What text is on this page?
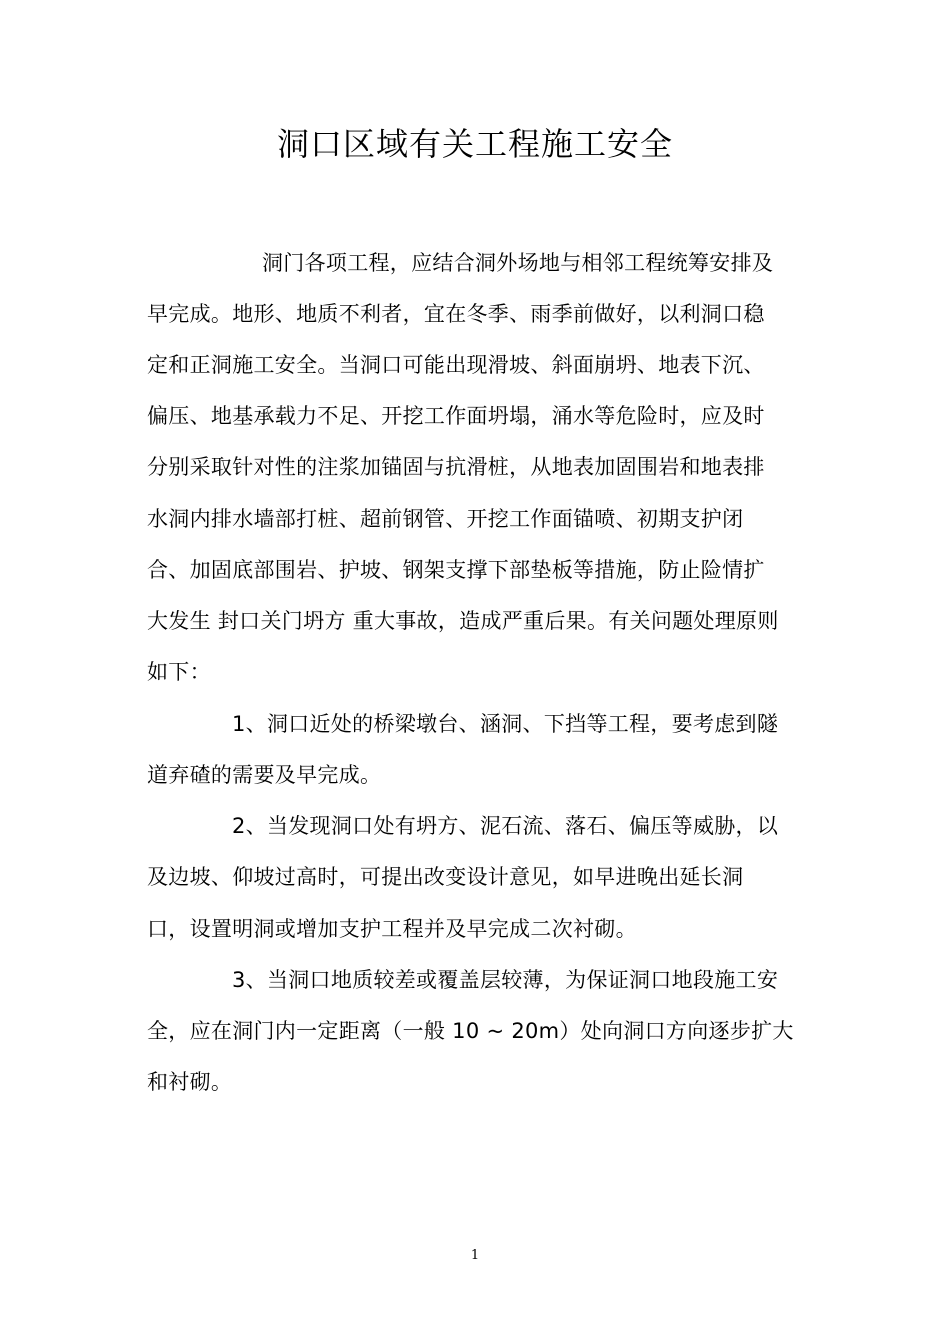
洞口区域有关工程施工安全
洞门各项工程，应结合洞外场地与相邻工程统筹安排及
早完成。地形、地质不利者，宜在冬季、雨季前做好，以利洞口稳
定和正洞施工安全。当洞口可能出现滑坡、斜面崩坍、地表下沉、
偏压、地基承载力不足、开挖工作面坍塌，涌水等危险时，应及时
分别采取针对性的注浆加锚固与抗滑桩，从地表加固围岩和地表排
水洞内排水墙部打桩、超前钢管、开挖工作面锚喷、初期支护闭
合、加固底部围岩、护坡、钢架支撑下部垫板等措施，防止险情扩
大发生 封口关门坍方 重大事故，造成严重后果。有关问题处理原则
如下：
1、洞口近处的桥梁墩台、涵洞、下挡等工程，要考虑到隧
道弃碴的需要及早完成。
2、当发现洞口处有坍方、泥石流、落石、偏压等威胁，以
及边坡、仰坡过高时，可提出改变设计意见，如早进晚出延长洞
口，设置明洞或增加支护工程并及早完成二次衬砌。
3、当洞口地质较差或覆盖层较薄，为保证洞口地段施工安
全，应在洞门内一定距离（一般 10 ~ 20m）处向洞口方向逐步扩大
和衬砌。
1
